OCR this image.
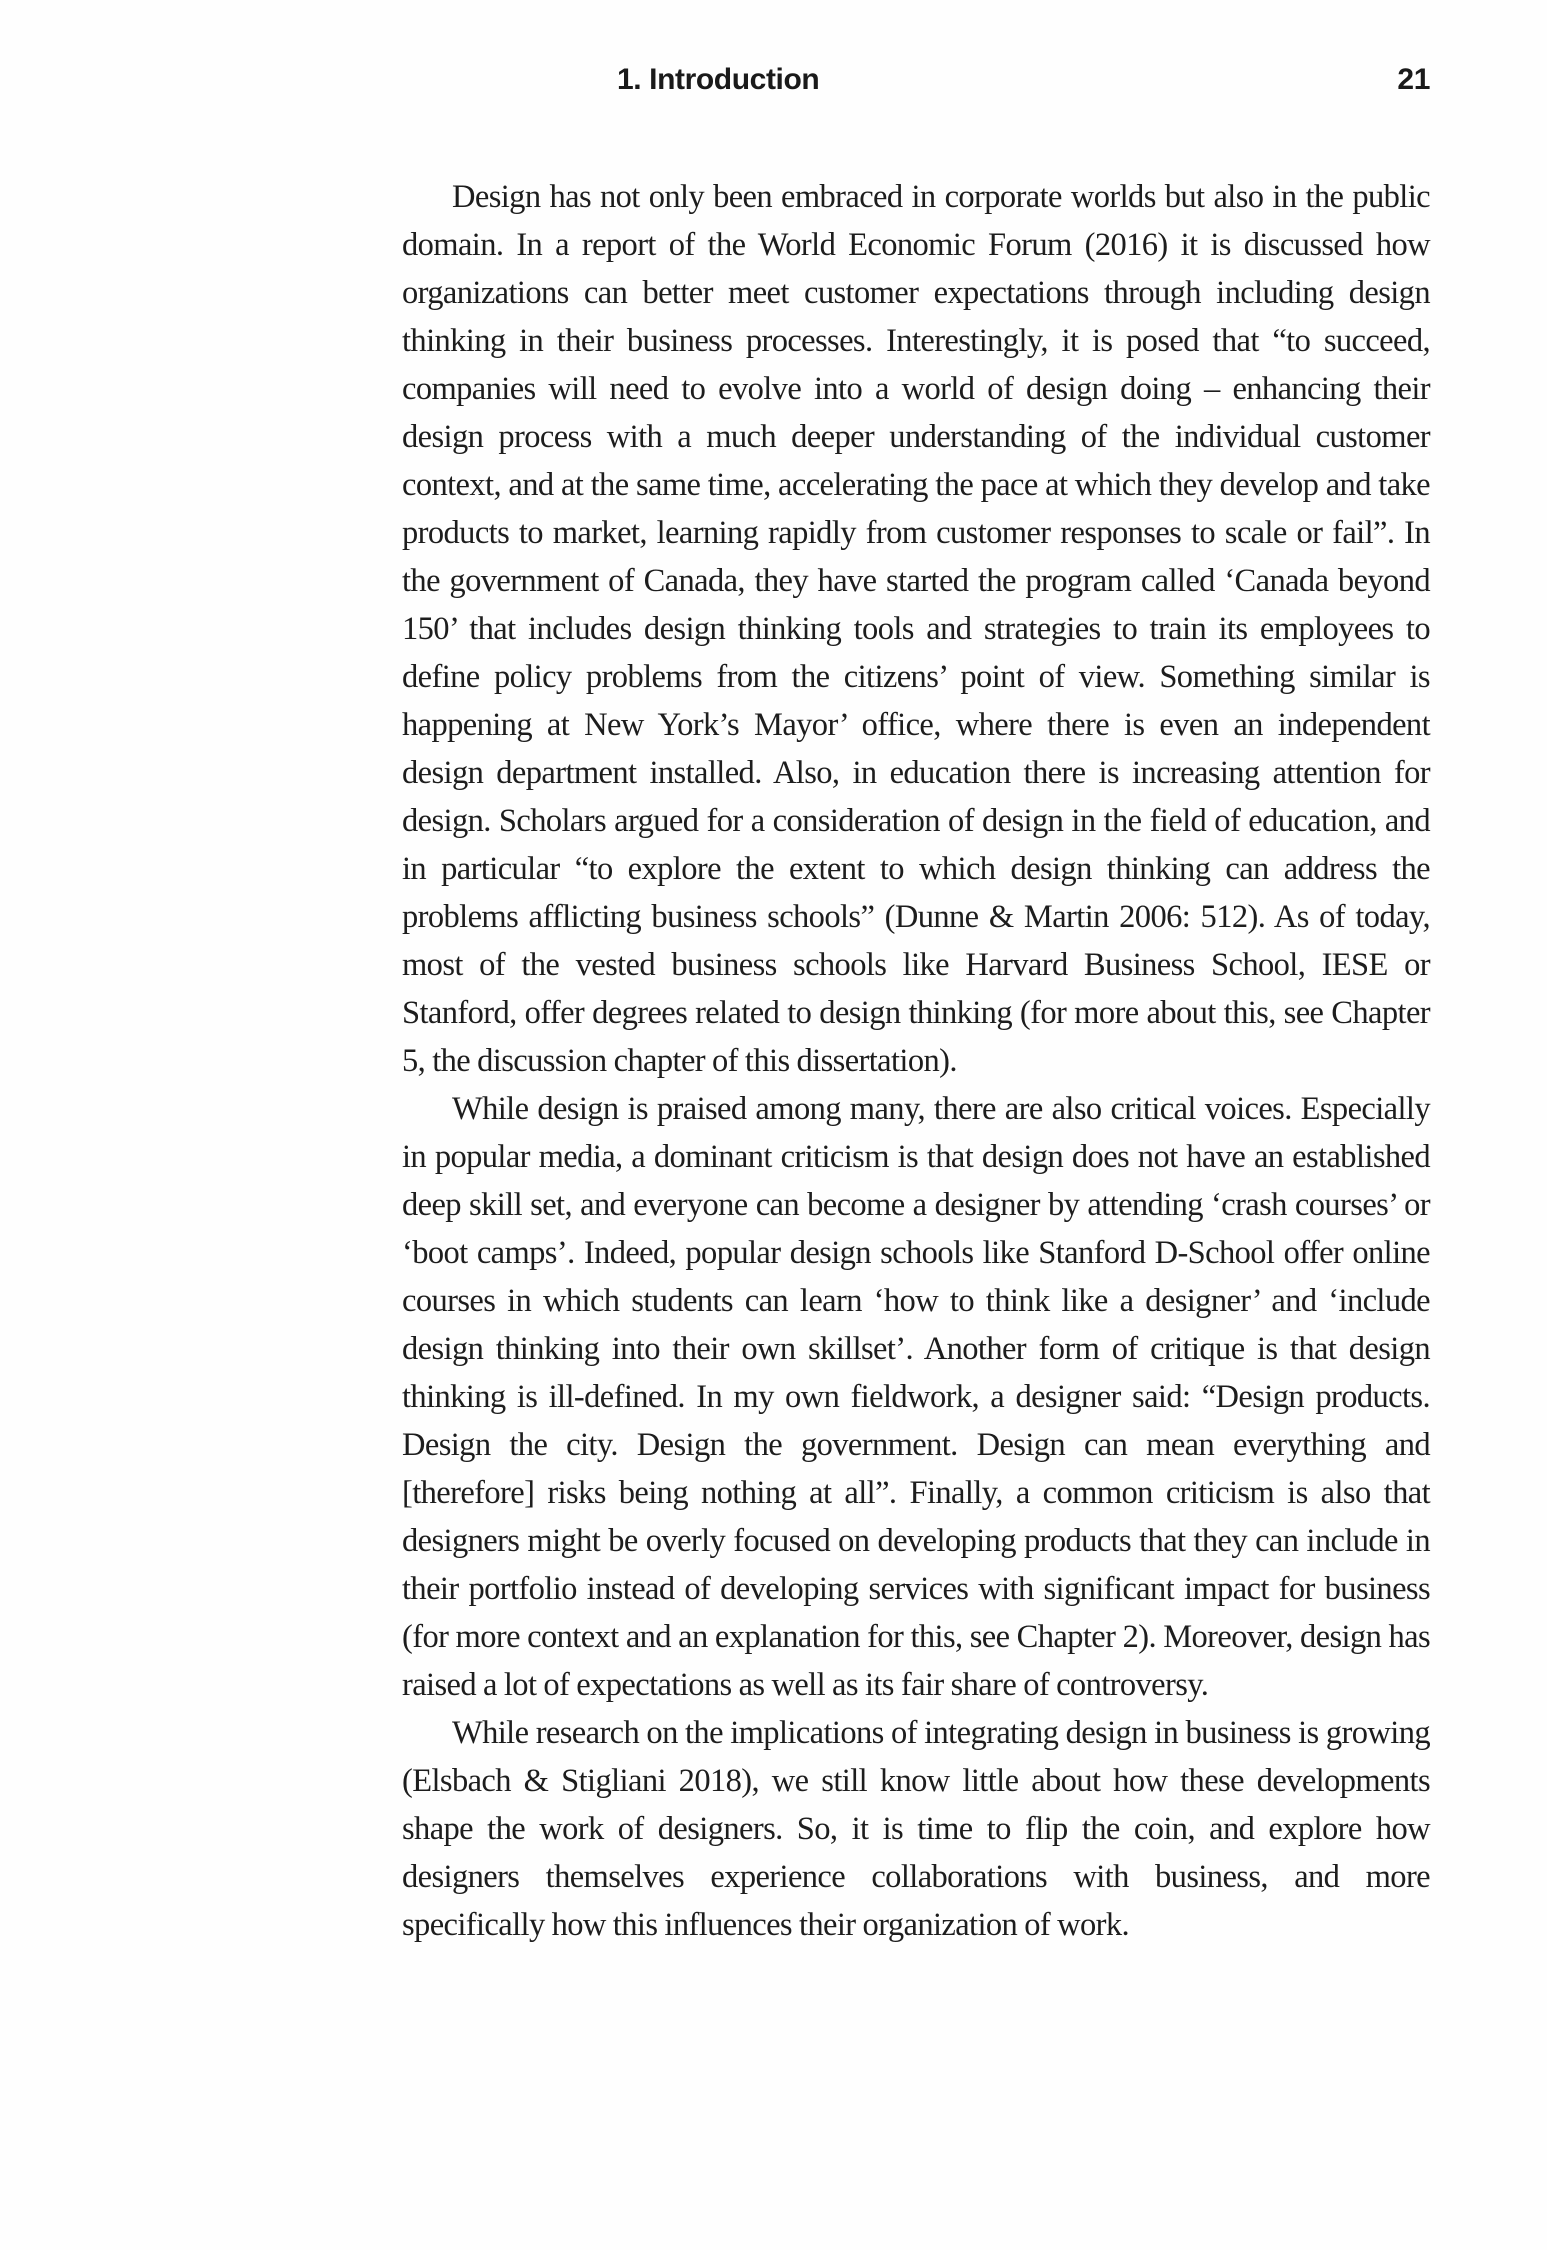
1. Introduction	21

Design has not only been embraced in corporate worlds but also in the public domain. In a report of the World Economic Forum (2016) it is discussed how organizations can better meet customer expectations through including design thinking in their business processes. Interestingly, it is posed that “to succeed, companies will need to evolve into a world of design doing – enhancing their design process with a much deeper understanding of the individual customer context, and at the same time, accelerating the pace at which they develop and take products to market, learning rapidly from customer responses to scale or fail”. In the government of Canada, they have started the program called ‘Canada beyond 150’ that includes design thinking tools and strategies to train its employees to define policy problems from the citizens’ point of view. Something similar is happening at New York’s Mayor’ office, where there is even an independent design department installed. Also, in education there is increasing attention for design. Scholars argued for a consideration of design in the field of education, and in particular “to explore the extent to which design thinking can address the problems afflicting business schools” (Dunne & Martin 2006: 512). As of today, most of the vested business schools like Harvard Business School, IESE or Stanford, offer degrees related to design thinking (for more about this, see Chapter 5, the discussion chapter of this dissertation).

While design is praised among many, there are also critical voices. Especially in popular media, a dominant criticism is that design does not have an established deep skill set, and everyone can become a designer by attending ‘crash courses’ or ‘boot camps’. Indeed, popular design schools like Stanford D-School offer online courses in which students can learn ‘how to think like a designer’ and ‘include design thinking into their own skillset’. Another form of critique is that design thinking is ill-defined. In my own fieldwork, a designer said: “Design products. Design the city. Design the government. Design can mean everything and [therefore] risks being nothing at all”. Finally, a common criticism is also that designers might be overly focused on developing products that they can include in their portfolio instead of developing services with significant impact for business (for more context and an explanation for this, see Chapter 2). Moreover, design has raised a lot of expectations as well as its fair share of controversy.

While research on the implications of integrating design in business is growing (Elsbach & Stigliani 2018), we still know little about how these developments shape the work of designers. So, it is time to flip the coin, and explore how designers themselves experience collaborations with business, and more specifically how this influences their organization of work.
